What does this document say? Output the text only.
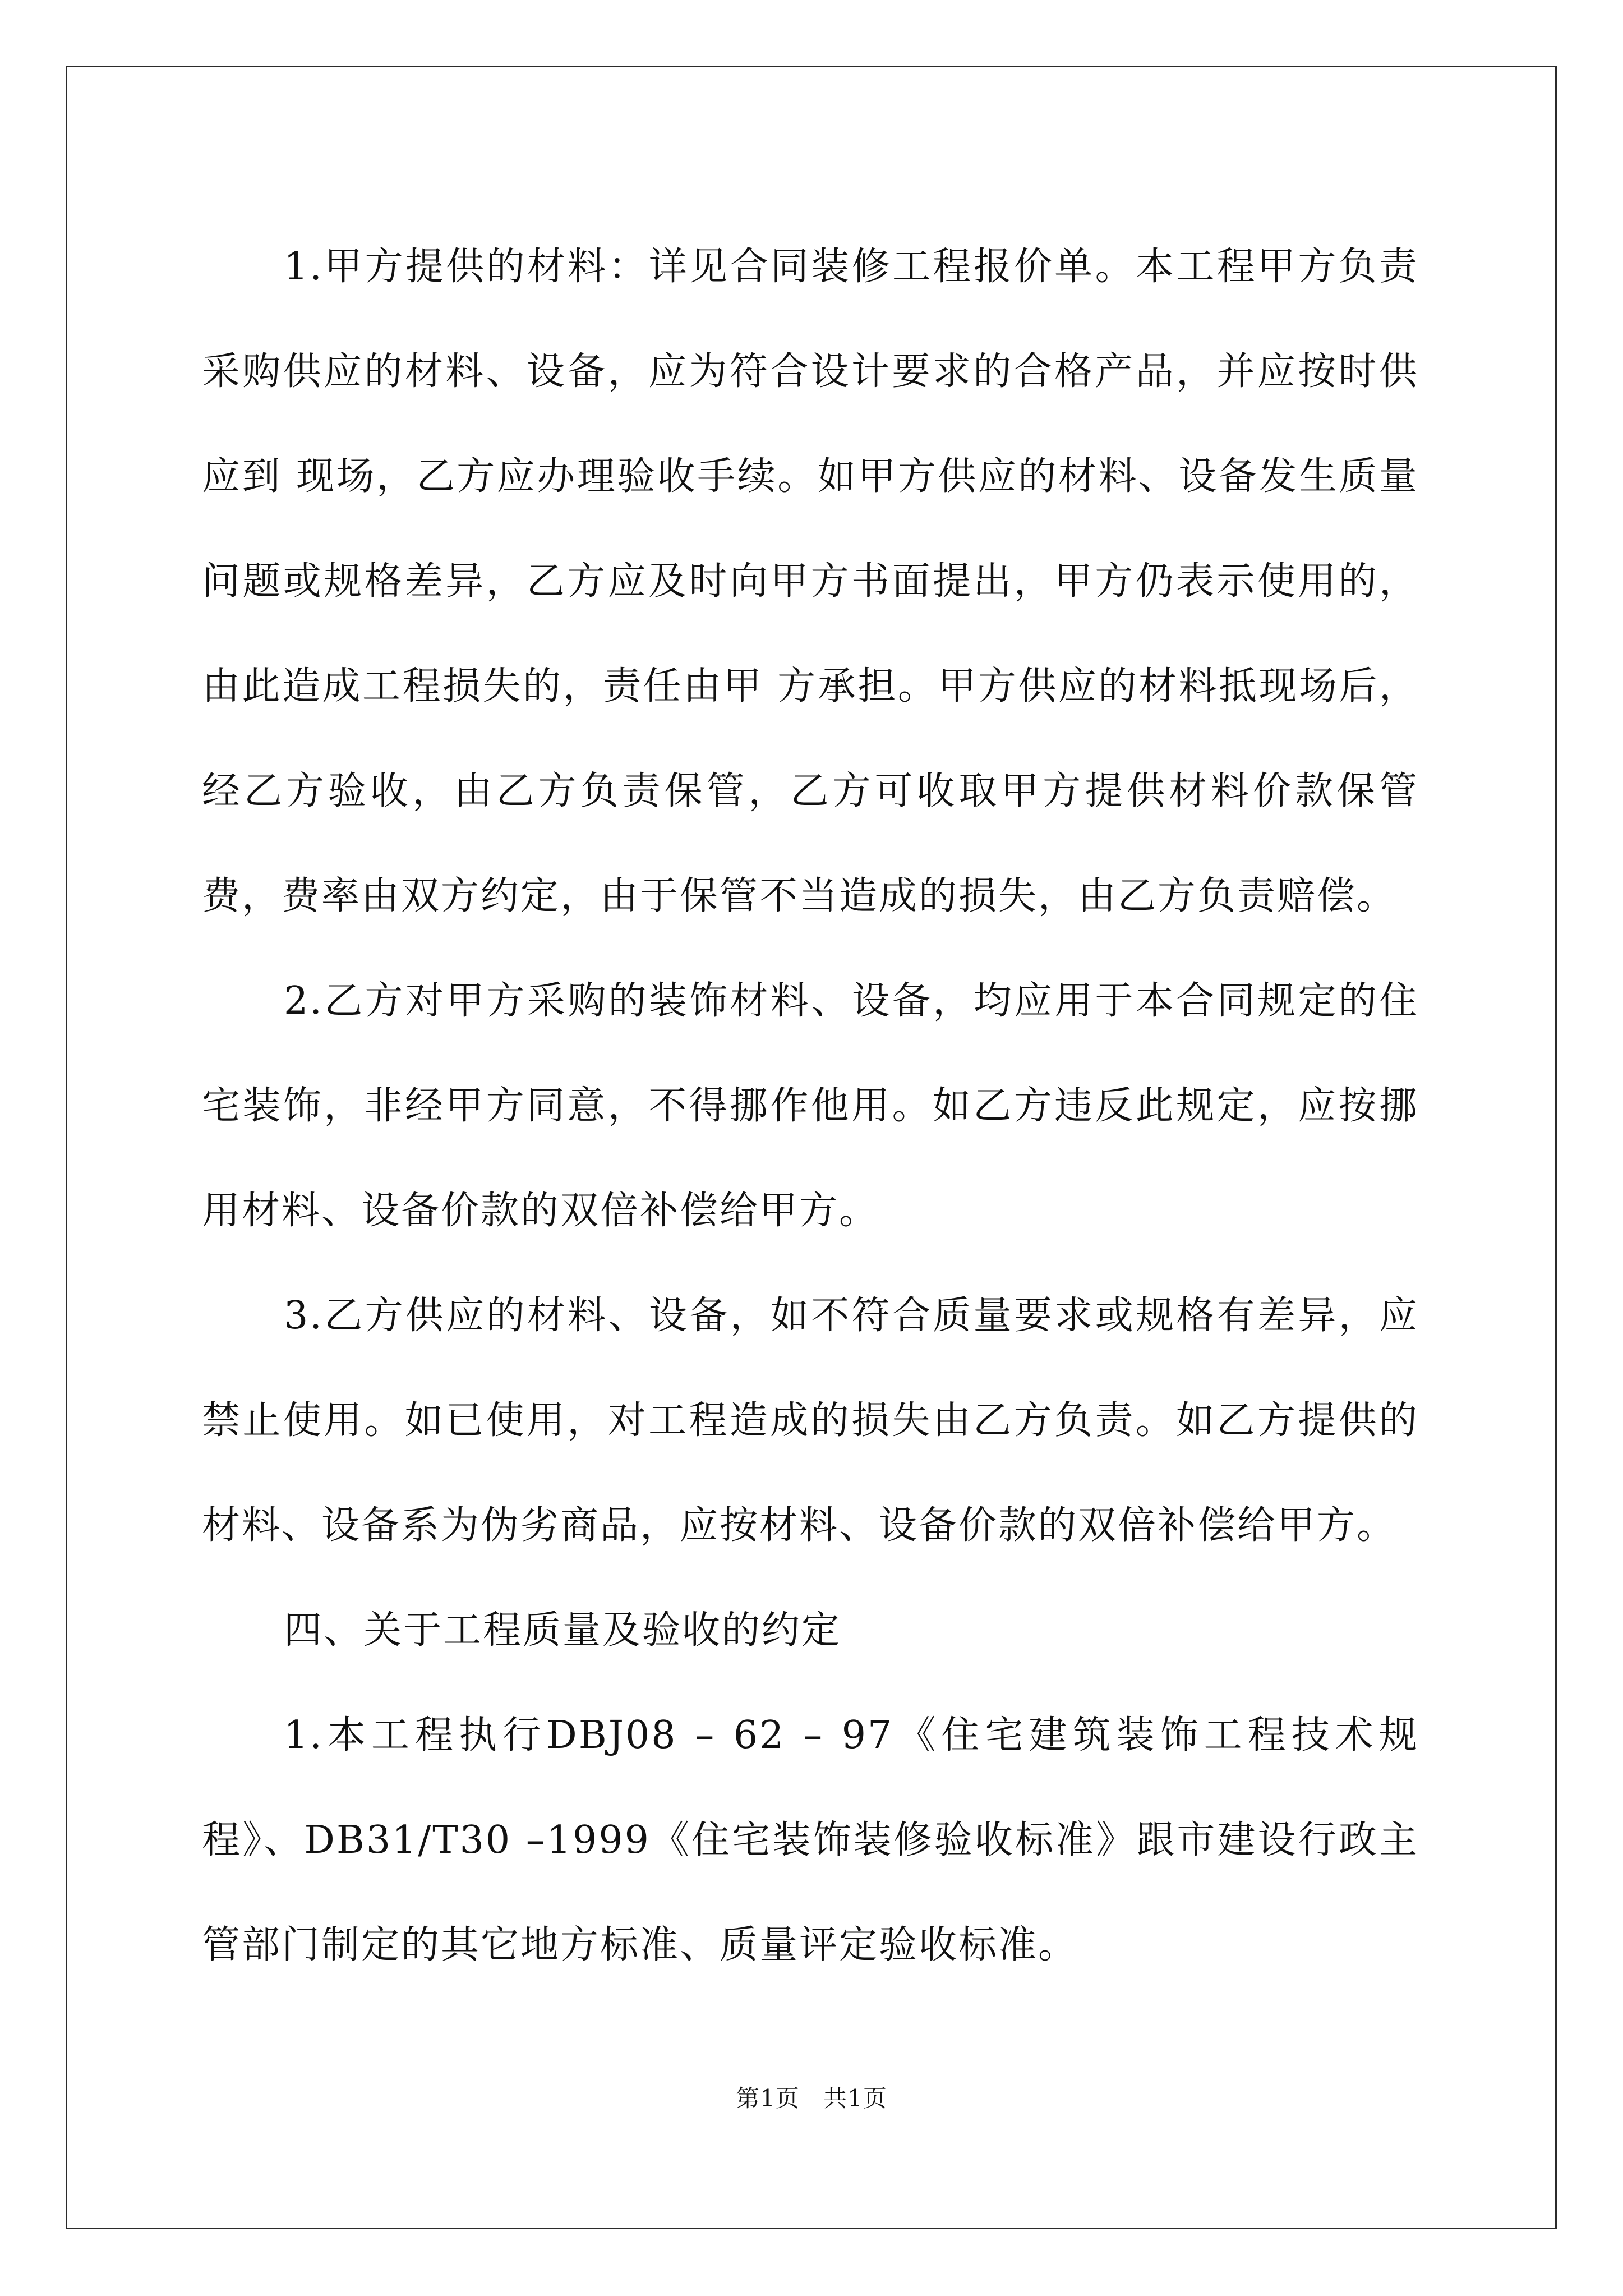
1.甲方提供的材料：详见合同装修工程报价单。本工程甲方负责采购供应的材料、设备，应为符合设计要求的合格产品，并应按时供应到 现场，乙方应办理验收手续。如甲方供应的材料、设备发生质量问题或规格差异，乙方应及时向甲方书面提出，甲方仍表示使用的，由此造成工程损失的，责任由甲 方承担。甲方供应的材料抵现场后，经乙方验收，由乙方负责保管，乙方可收取甲方提供材料价款保管费，费率由双方约定，由于保管不当造成的损失，由乙方负责赔偿。

2.乙方对甲方采购的装饰材料、设备，均应用于本合同规定的住宅装饰，非经甲方同意，不得挪作他用。如乙方违反此规定，应按挪用材料、设备价款的双倍补偿给甲方。

3.乙方供应的材料、设备，如不符合质量要求或规格有差异，应禁止使用。如已使用，对工程造成的损失由乙方负责。如乙方提供的材料、设备系为伪劣商品，应按材料、设备价款的双倍补偿给甲方。

四、关于工程质量及验收的约定

1.本工程执行DBJ08 – 62 – 97《住宅建筑装饰工程技术规程》、DB31/T30 –1999《住宅装饰装修验收标准》跟市建设行政主管部门制定的其它地方标准、质量评定验收标准。

第1页 共1页
